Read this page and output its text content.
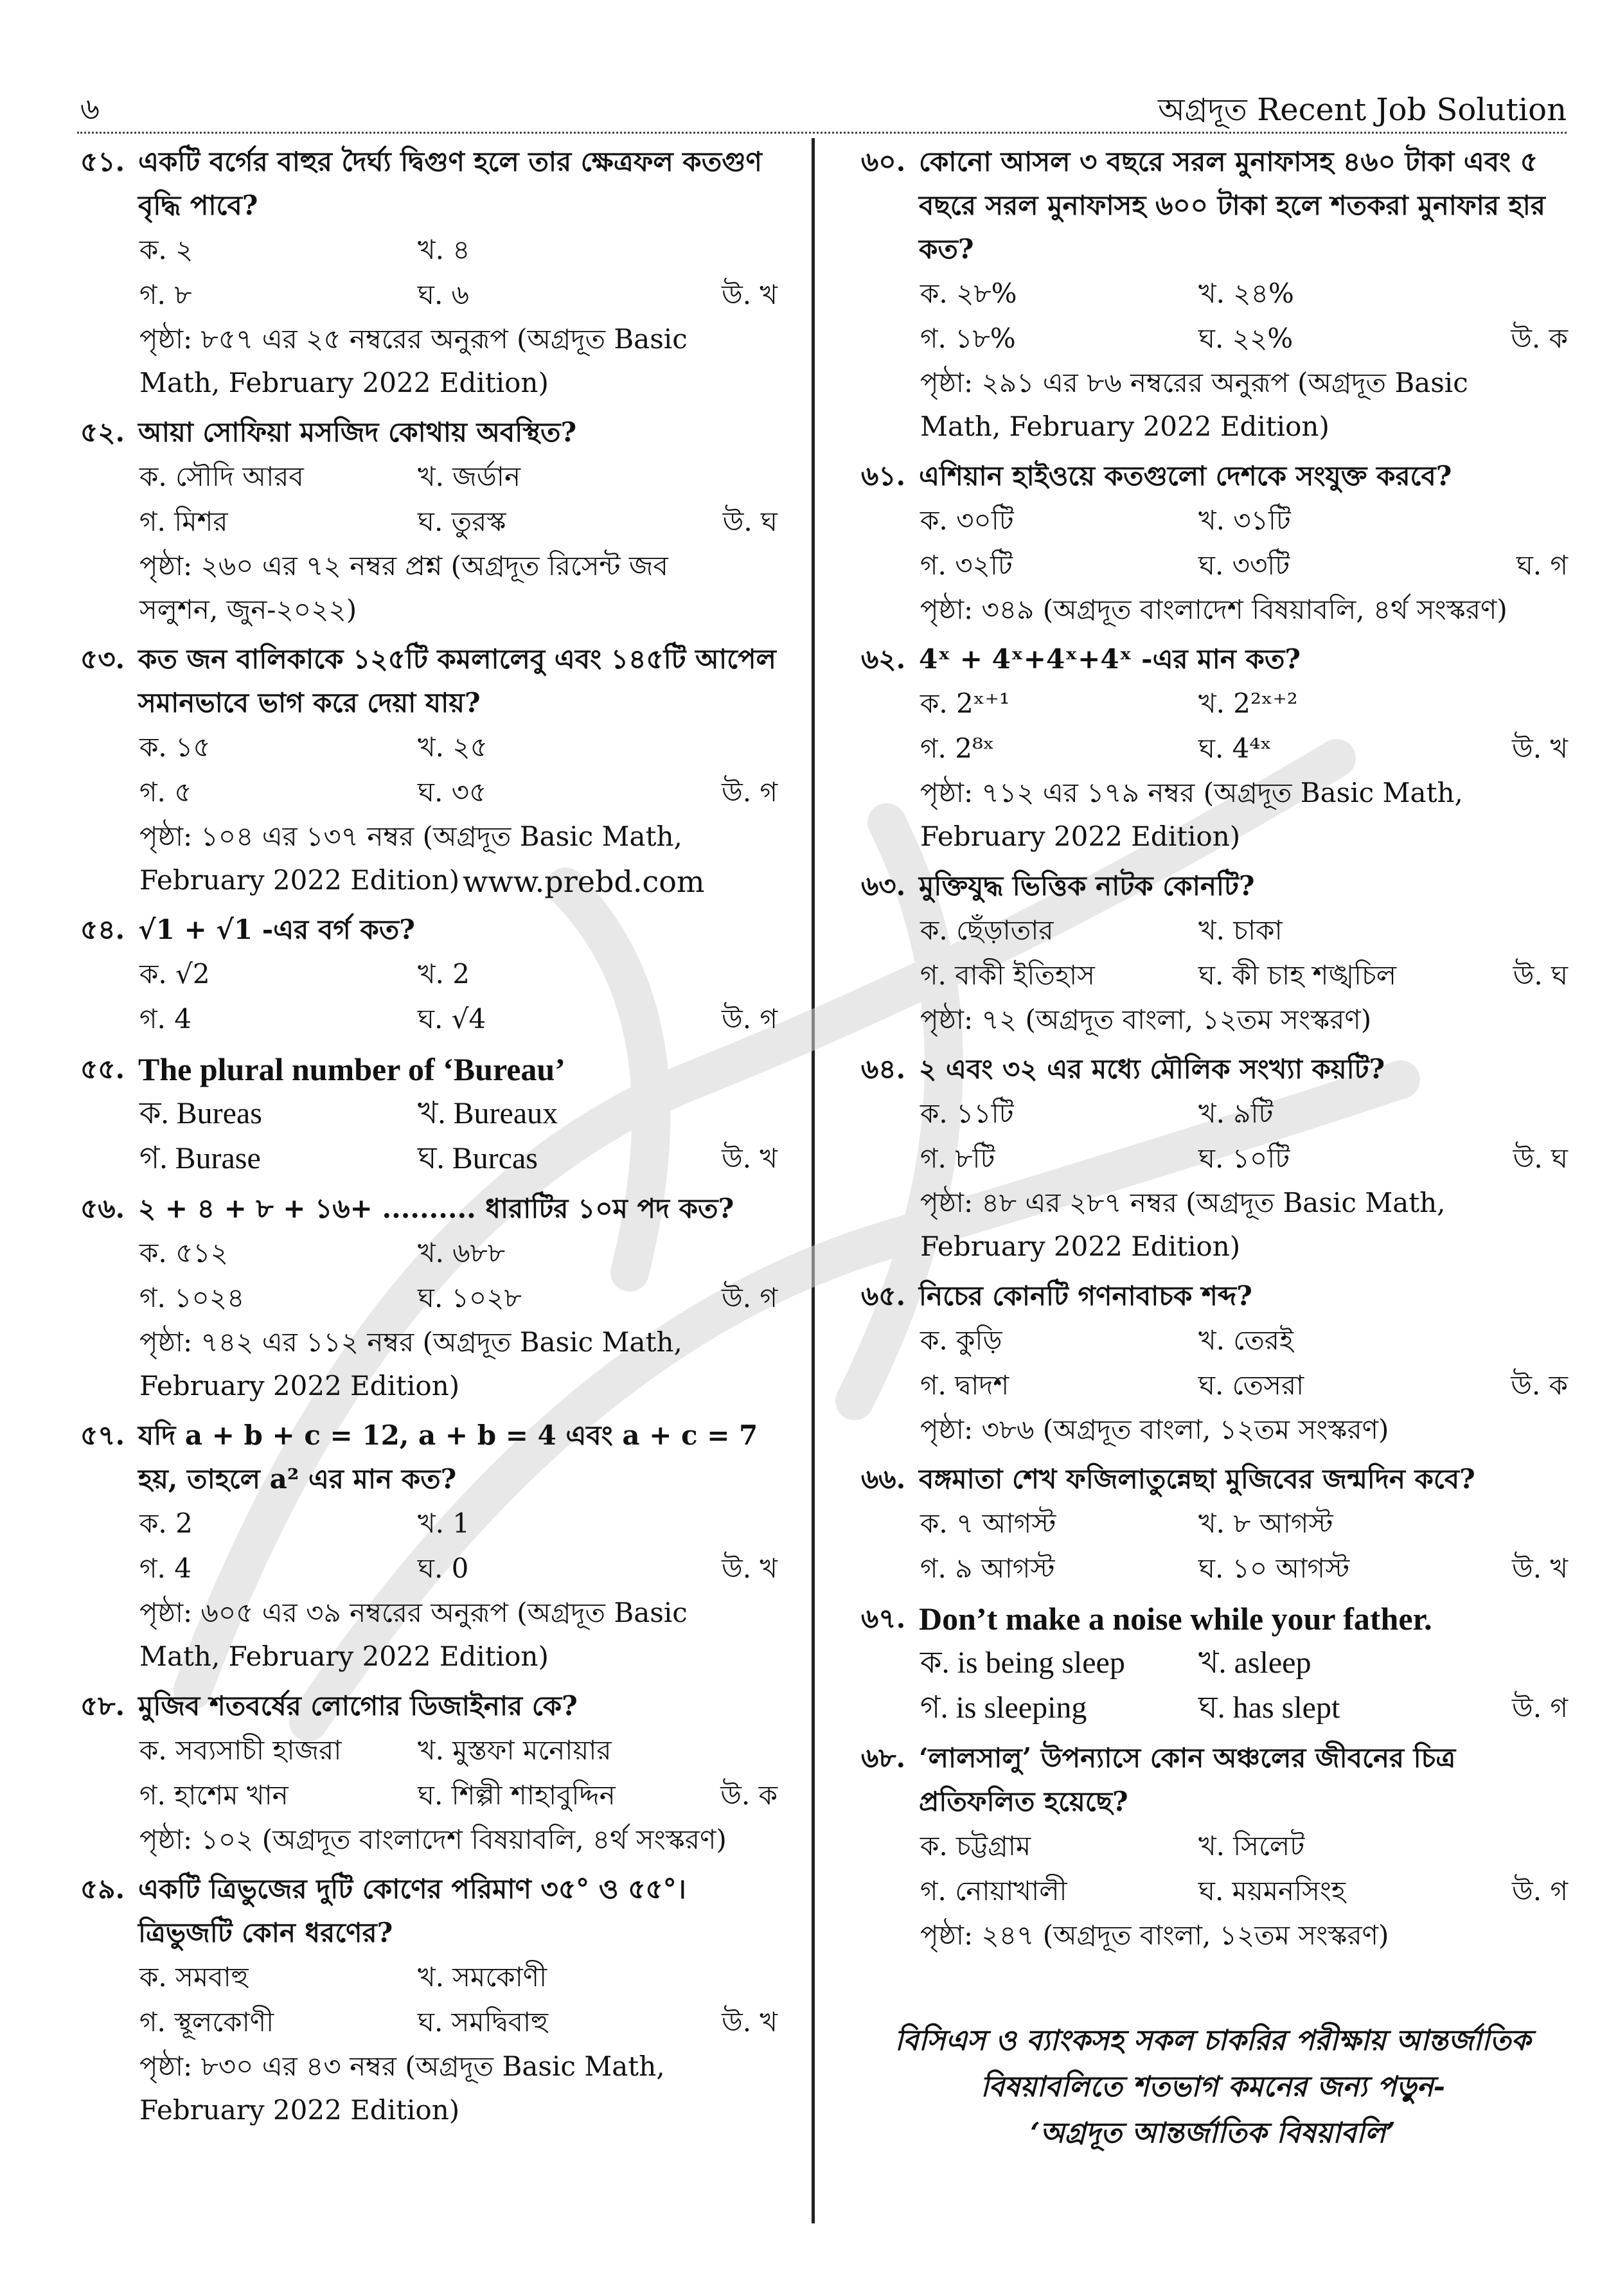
৬	অগ্রদূত Recent Job Solution
www.prebd.com
৫১. একটি বর্গের বাহুর দৈর্ঘ্য দ্বিগুণ হলে তার ক্ষেত্রফল কতগুণ বৃদ্ধি পাবে?
ক. ২	খ. ৪
গ. ৮	ঘ. ৬	উ. খ
পৃষ্ঠা: ৮৫৭ এর ২৫ নম্বরের অনুরূপ (অগ্রদূত Basic
Math, February 2022 Edition)
৫২. আয়া সোফিয়া মসজিদ কোথায় অবস্থিত?
ক. সৌদি আরব	খ. জর্ডান
গ. মিশর	ঘ. তুরস্ক	উ. ঘ
পৃষ্ঠা: ২৬০ এর ৭২ নম্বর প্রশ্ন (অগ্রদূত রিসেন্ট জব
সলুশন, জুন-২০২২)
৫৩. কত জন বালিকাকে ১২৫টি কমলালেবু এবং ১৪৫টি আপেল সমানভাবে ভাগ করে দেয়া যায়?
ক. ১৫	খ. ২৫
গ. ৫	ঘ. ৩৫	উ. গ
পৃষ্ঠা: ১০৪ এর ১৩৭ নম্বর (অগ্রদূত Basic Math,
February 2022 Edition)
৫৪. √1 + √1 -এর বর্গ কত?
ক. √2	খ. 2
গ. 4	ঘ. √4	উ. গ
৫৫. The plural number of ‘Bureau’
ক. Bureas	খ. Bureaux
গ. Burase	ঘ. Burcas	উ. খ
৫৬. ২ + ৪ + ৮ + ১৬+ .......... ধারাটির ১০ম পদ কত?
ক. ৫১২	খ. ৬৮৮
গ. ১০২৪	ঘ. ১০২৮	উ. গ
পৃষ্ঠা: ৭৪২ এর ১১২ নম্বর (অগ্রদূত Basic Math,
February 2022 Edition)
৫৭. যদি a + b + c = 12, a + b = 4 এবং a + c = 7 হয়, তাহলে a² এর মান কত?
ক. 2	খ. 1
গ. 4	ঘ. 0	উ. খ
পৃষ্ঠা: ৬০৫ এর ৩৯ নম্বরের অনুরূপ (অগ্রদূত Basic
Math, February 2022 Edition)
৫৮. মুজিব শতবর্ষের লোগোর ডিজাইনার কে?
ক. সব্যসাচী হাজরা	খ. মুস্তফা মনোয়ার
গ. হাশেম খান	ঘ. শিল্পী শাহাবুদ্দিন	উ. ক
পৃষ্ঠা: ১০২ (অগ্রদূত বাংলাদেশ বিষয়াবলি, ৪র্থ সংস্করণ)
৫৯. একটি ত্রিভুজের দুটি কোণের পরিমাণ ৩৫° ও ৫৫°। ত্রিভুজটি কোন ধরণের?
ক. সমবাহু	খ. সমকোণী
গ. স্থূলকোণী	ঘ. সমদ্বিবাহু	উ. খ
পৃষ্ঠা: ৮৩০ এর ৪৩ নম্বর (অগ্রদূত Basic Math,
February 2022 Edition)
৬০. কোনো আসল ৩ বছরে সরল মুনাফাসহ ৪৬০ টাকা এবং ৫ বছরে সরল মুনাফাসহ ৬০০ টাকা হলে শতকরা মুনাফার হার কত?
ক. ২৮%	খ. ২৪%
গ. ১৮%	ঘ. ২২%	উ. ক
পৃষ্ঠা: ২৯১ এর ৮৬ নম্বরের অনুরূপ (অগ্রদূত Basic
Math, February 2022 Edition)
৬১. এশিয়ান হাইওয়ে কতগুলো দেশকে সংযুক্ত করবে?
ক. ৩০টি	খ. ৩১টি
গ. ৩২টি	ঘ. ৩৩টি	ঘ. গ
পৃষ্ঠা: ৩৪৯ (অগ্রদূত বাংলাদেশ বিষয়াবলি, ৪র্থ সংস্করণ)
৬২. 4ˣ + 4ˣ+4ˣ+4ˣ -এর মান কত?
ক. 2ˣ⁺¹	খ. 2²ˣ⁺²
গ. 2⁸ˣ	ঘ. 4⁴ˣ	উ. খ
পৃষ্ঠা: ৭১২ এর ১৭৯ নম্বর (অগ্রদূত Basic Math,
February 2022 Edition)
৬৩. মুক্তিযুদ্ধ ভিত্তিক নাটক কোনটি?
ক. ছেঁড়াতার	খ. চাকা
গ. বাকী ইতিহাস	ঘ. কী চাহ শঙ্খচিল	উ. ঘ
পৃষ্ঠা: ৭২ (অগ্রদূত বাংলা, ১২তম সংস্করণ)
৬৪. ২ এবং ৩২ এর মধ্যে মৌলিক সংখ্যা কয়টি?
ক. ১১টি	খ. ৯টি
গ. ৮টি	ঘ. ১০টি	উ. ঘ
পৃষ্ঠা: ৪৮ এর ২৮৭ নম্বর (অগ্রদূত Basic Math,
February 2022 Edition)
৬৫. নিচের কোনটি গণনাবাচক শব্দ?
ক. কুড়ি	খ. তেরই
গ. দ্বাদশ	ঘ. তেসরা	উ. ক
পৃষ্ঠা: ৩৮৬ (অগ্রদূত বাংলা, ১২তম সংস্করণ)
৬৬. বঙ্গমাতা শেখ ফজিলাতুন্নেছা মুজিবের জন্মদিন কবে?
ক. ৭ আগস্ট	খ. ৮ আগস্ট
গ. ৯ আগস্ট	ঘ. ১০ আগস্ট	উ. খ
৬৭. Don’t make a noise while your father.
ক. is being sleep খ. asleep
গ. is sleeping	ঘ. has slept	উ. গ
৬৮. ‘লালসালু’ উপন্যাসে কোন অঞ্চলের জীবনের চিত্র প্রতিফলিত হয়েছে?
ক. চট্টগ্রাম	খ. সিলেট
গ. নোয়াখালী	ঘ. ময়মনসিংহ	উ. গ
পৃষ্ঠা: ২৪৭ (অগ্রদূত বাংলা, ১২তম সংস্করণ)
বিসিএস ও ব্যাংকসহ সকল চাকরির পরীক্ষায় আন্তর্জাতিক
বিষয়াবলিতে শতভাগ কমনের জন্য পড়ুন-
‘অগ্রদূত আন্তর্জাতিক বিষয়াবলি’
